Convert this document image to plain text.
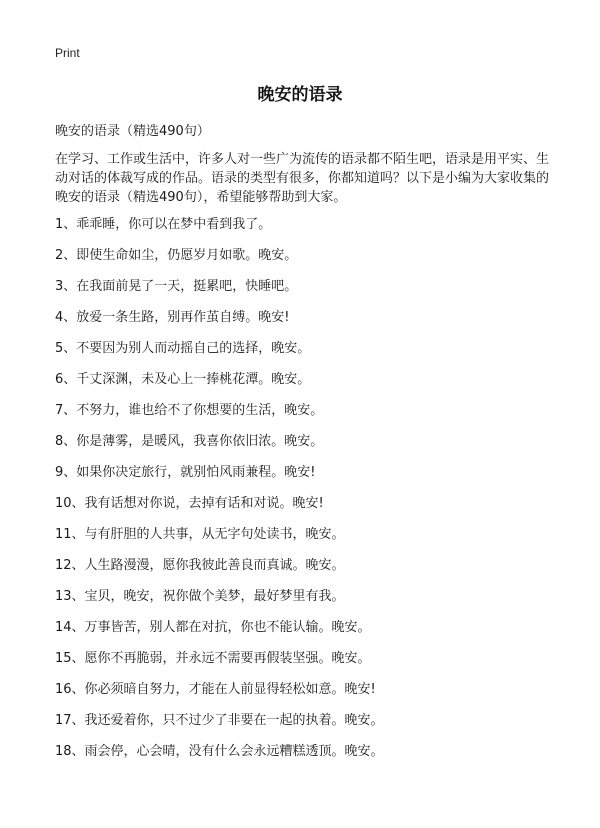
Print
晚安的语录
晚安的语录（精选490句）
在学习、工作或生活中，许多人对一些广为流传的语录都不陌生吧，语录是用平实、生动对话的体裁写成的作品。语录的类型有很多，你都知道吗？以下是小编为大家收集的晚安的语录（精选490句），希望能够帮助到大家。
1、乖乖睡，你可以在梦中看到我了。
2、即使生命如尘，仍愿岁月如歌。晚安。
3、在我面前晃了一天，挺累吧，快睡吧。
4、放爱一条生路，别再作茧自缚。晚安!
5、不要因为别人而动摇自己的选择，晚安。
6、千丈深渊，未及心上一捧桃花潭。晚安。
7、不努力，谁也给不了你想要的生活，晚安。
8、你是薄雾，是暖风，我喜你依旧浓。晚安。
9、如果你决定旅行，就别怕风雨兼程。晚安!
10、我有话想对你说，去掉有话和对说。晚安!
11、与有肝胆的人共事，从无字句处读书，晚安。
12、人生路漫漫，愿你我彼此善良而真诚。晚安。
13、宝贝，晚安，祝你做个美梦，最好梦里有我。
14、万事皆苦，别人都在对抗，你也不能认输。晚安。
15、愿你不再脆弱，并永远不需要再假装坚强。晚安。
16、你必须暗自努力，才能在人前显得轻松如意。晚安!
17、我还爱着你，只不过少了非要在一起的执着。晚安。
18、雨会停，心会晴，没有什么会永远糟糕透顶。晚安。
